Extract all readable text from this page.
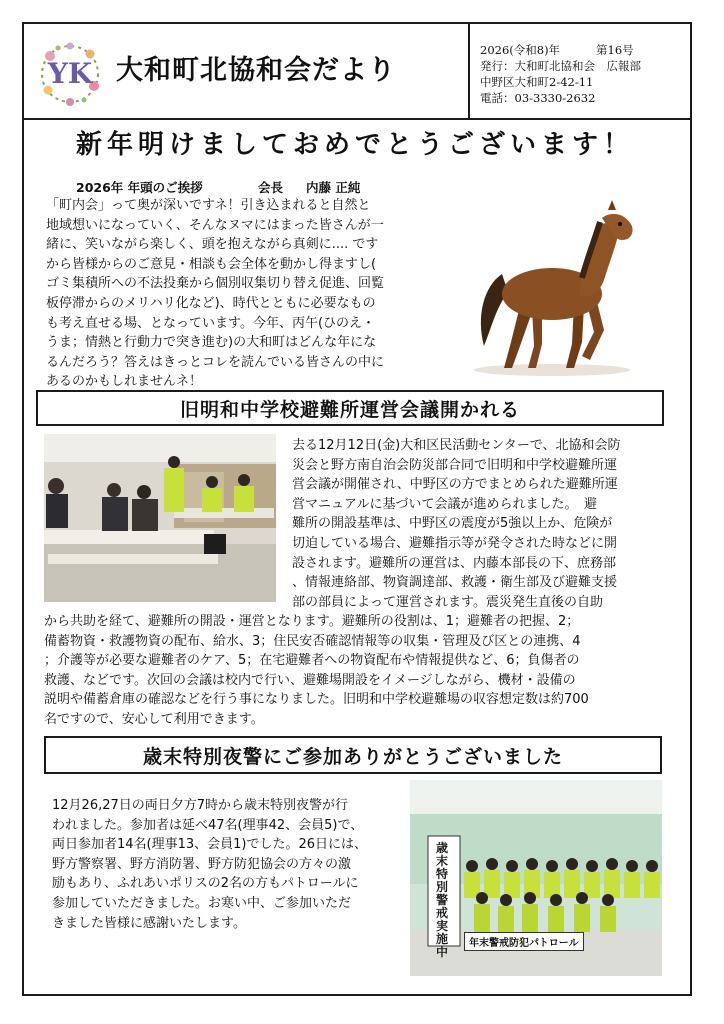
YK 大和町北協和会だより
2026(令和8)年	第16号
発行：大和町北協和会　広報部
中野区大和町2-42-11
電話：03-3330-2632
新年明けましておめでとうございます！
2026年 年頭のご挨拶	会長 内藤 正純
「町内会」って奥が深いですネ！引き込まれると自然と
地域想いになっていく、そんなヌマにはまった皆さんが一
緒に、笑いながら楽しく、頭を抱えながら真剣に.... です
から皆様からのご意見・相談も会全体を動かし得ますし(
ゴミ集積所への不法投棄から個別収集切り替え促進、回覧
板停滞からのメリハリ化など)、時代とともに必要なもの
も考え直せる場、となっています。今年、丙午(ひのえ・
うま；情熱と行動力で突き進む)の大和町はどんな年にな
るんだろう？答えはきっとコレを読んでいる皆さんの中に
あるのかもしれませんネ！
旧明和中学校避難所運営会議開かれる
去る12月12日(金)大和区民活動センターで、北協和会防
災会と野方南自治会防災部合同で旧明和中学校避難所運
営会議が開催され、中野区の方でまとめられた避難所運
営マニュアルに基づいて会議が進められました。　避
難所の開設基準は、中野区の震度が5強以上か、危険が
切迫している場合、避難指示等が発令された時などに開
設されます。避難所の運営は、内藤本部長の下、庶務部
、情報連絡部、物資調達部、救護・衛生部及び避難支援
部の部員によって運営されます。震災発生直後の自助
から共助を経て、避難所の開設・運営となります。避難所の役割は、1；避難者の把握、2；
備蓄物資・救護物資の配布、給水、3；住民安否確認情報等の収集・管理及び区との連携、4
；介護等が必要な避難者のケア、5；在宅避難者への物資配布や情報提供など、6；負傷者の
救護、などです。次回の会議は校内で行い、避難場開設をイメージしながら、機材・設備の
説明や備蓄倉庫の確認などを行う事になりました。旧明和中学校避難場の収容想定数は約700
名ですので、安心して利用できます。
歳末特別夜警にご参加ありがとうございました
12月26,27日の両日夕方7時から歳末特別夜警が行
われました。参加者は延べ47名(理事42、会員5)で、
両日参加者14名(理事13、会員1)でした。26日には、
野方警察署、野方消防署、野方防犯協会の方々の激
励もあり、ふれあいポリスの2名の方もパトロールに
参加していただきました。お寒い中、ご参加いただ
きました皆様に感謝いたします。
歳末特別警戒実施中
年末警戒防犯パトロール
